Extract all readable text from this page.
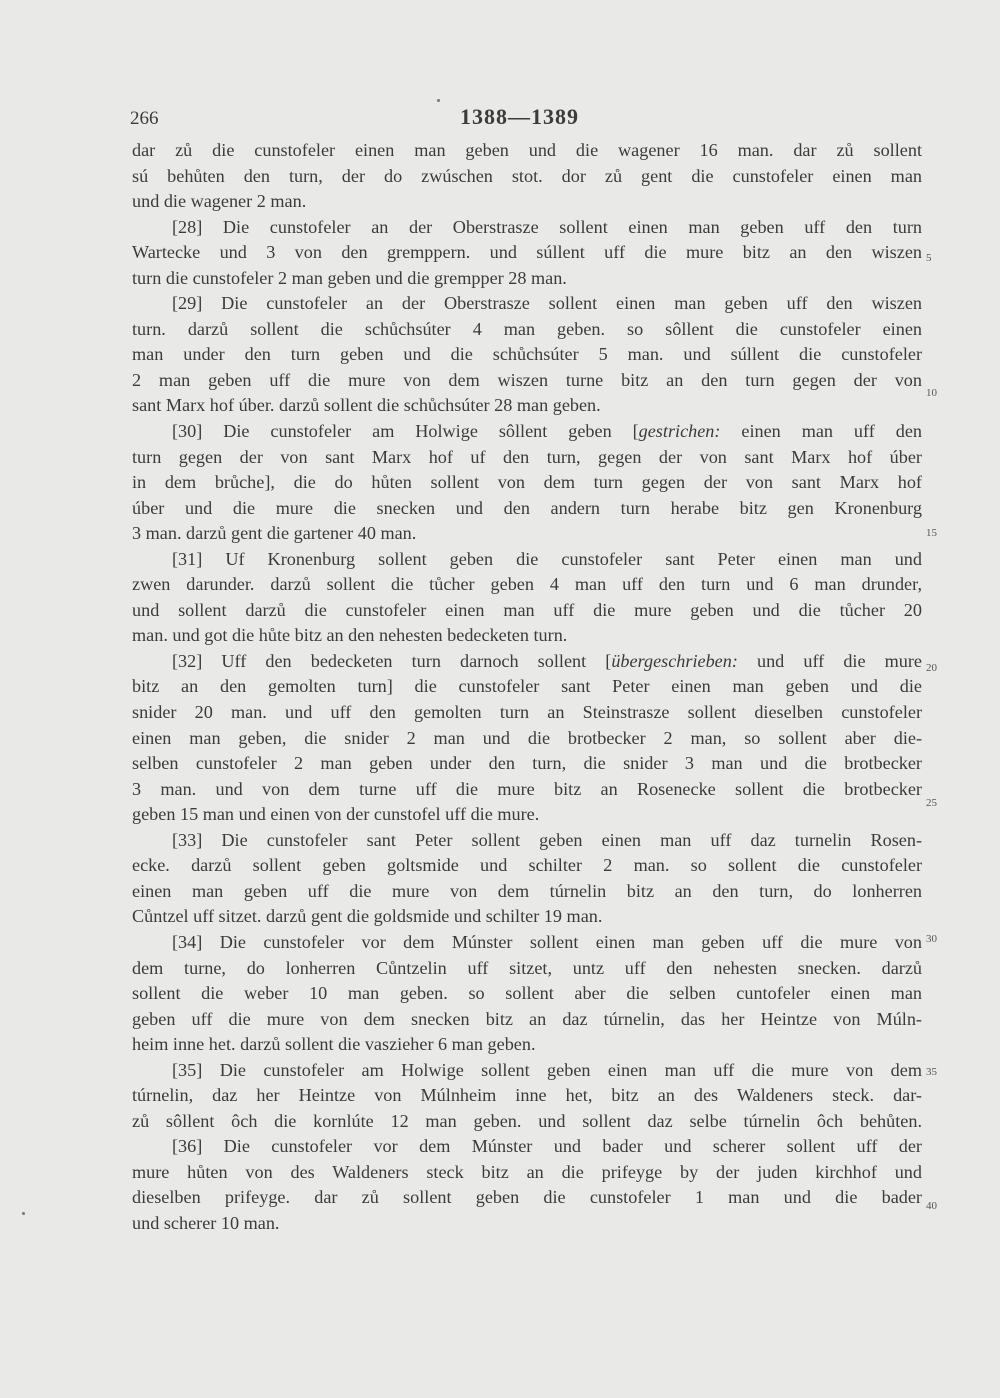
266	1388—1389
dar zů die cunstofeler einen man geben und die wagener 16 man. dar zů sollent
sú behůten den turn, der do zwúschen stot. dor zů gent die cunstofeler einen man
und die wagener 2 man.
[28] Die cunstofeler an der Oberstrasze sollent einen man geben uff den turn
Wartecke und 3 von den gremppern. und súllent uff die mure bitz an den wiszen
turn die cunstofeler 2 man geben und die grempper 28 man.
[29] Die cunstofeler an der Oberstrasze sollent einen man geben uff den wiszen
turn. darzů sollent die schůchsúter 4 man geben. so sôllent die cunstofeler einen
man under den turn geben und die schůchsúter 5 man. und súllent die cunstofeler
2 man geben uff die mure von dem wiszen turne bitz an den turn gegen der von
sant Marx hof úber. darzů sollent die schůchsúter 28 man geben.
[30] Die cunstofeler am Holwige sôllent geben [gestrichen: einen man uff den
turn gegen der von sant Marx hof uf den turn, gegen der von sant Marx hof úber
in dem brůche], die do hůten sollent von dem turn gegen der von sant Marx hof
úber und die mure die snecken und den andern turn herabe bitz gen Kronenburg
3 man. darzů gent die gartener 40 man.
[31] Uf Kronenburg sollent geben die cunstofeler sant Peter einen man und
zwen darunder. darzů sollent die tůcher geben 4 man uff den turn und 6 man drunder,
und sollent darzů die cunstofeler einen man uff die mure geben und die tůcher 20
man. und got die hůte bitz an den nehesten bedecketen turn.
[32] Uff den bedecketen turn darnoch sollent [übergeschrieben: und uff die mure
bitz an den gemolten turn] die cunstofeler sant Peter einen man geben und die
snider 20 man. und uff den gemolten turn an Steinstrasze sollent dieselben cunstofeler
einen man geben, die snider 2 man und die brotbecker 2 man, so sollent aber die-
selben cunstofeler 2 man geben under den turn, die snider 3 man und die brotbecker
3 man. und von dem turne uff die mure bitz an Rosenecke sollent die brotbecker
geben 15 man und einen von der cunstofel uff die mure.
[33] Die cunstofeler sant Peter sollent geben einen man uff daz turnelin Rosen-
ecke. darzů sollent geben goltsmide und schilter 2 man. so sollent die cunstofeler
einen man geben uff die mure von dem túrnelin bitz an den turn, do lonherren
Cůntzel uff sitzet. darzů gent die goldsmide und schilter 19 man.
[34] Die cunstofeler vor dem Múnster sollent einen man geben uff die mure von
dem turne, do lonherren Cůntzelin uff sitzet, untz uff den nehesten snecken. darzů
sollent die weber 10 man geben. so sollent aber die selben cuntofeler einen man
geben uff die mure von dem snecken bitz an daz túrnelin, das her Heintze von Múln-
heim inne het. darzů sollent die vaszieher 6 man geben.
[35] Die cunstofeler am Holwige sollent geben einen man uff die mure von dem
túrnelin, daz her Heintze von Múlnheim inne het, bitz an des Waldeners steck. dar-
zů sôllent ôch die kornlúte 12 man geben. und sollent daz selbe túrnelin ôch behůten.
[36] Die cunstofeler vor dem Múnster und bader und scherer sollent uff der
mure hůten von des Waldeners steck bitz an die prifeyge by der juden kirchhof und
dieselben prifeyge. dar zů sollent geben die cunstofeler 1 man und die bader
und scherer 10 man.
5
10
15
20
25
30
35
40
